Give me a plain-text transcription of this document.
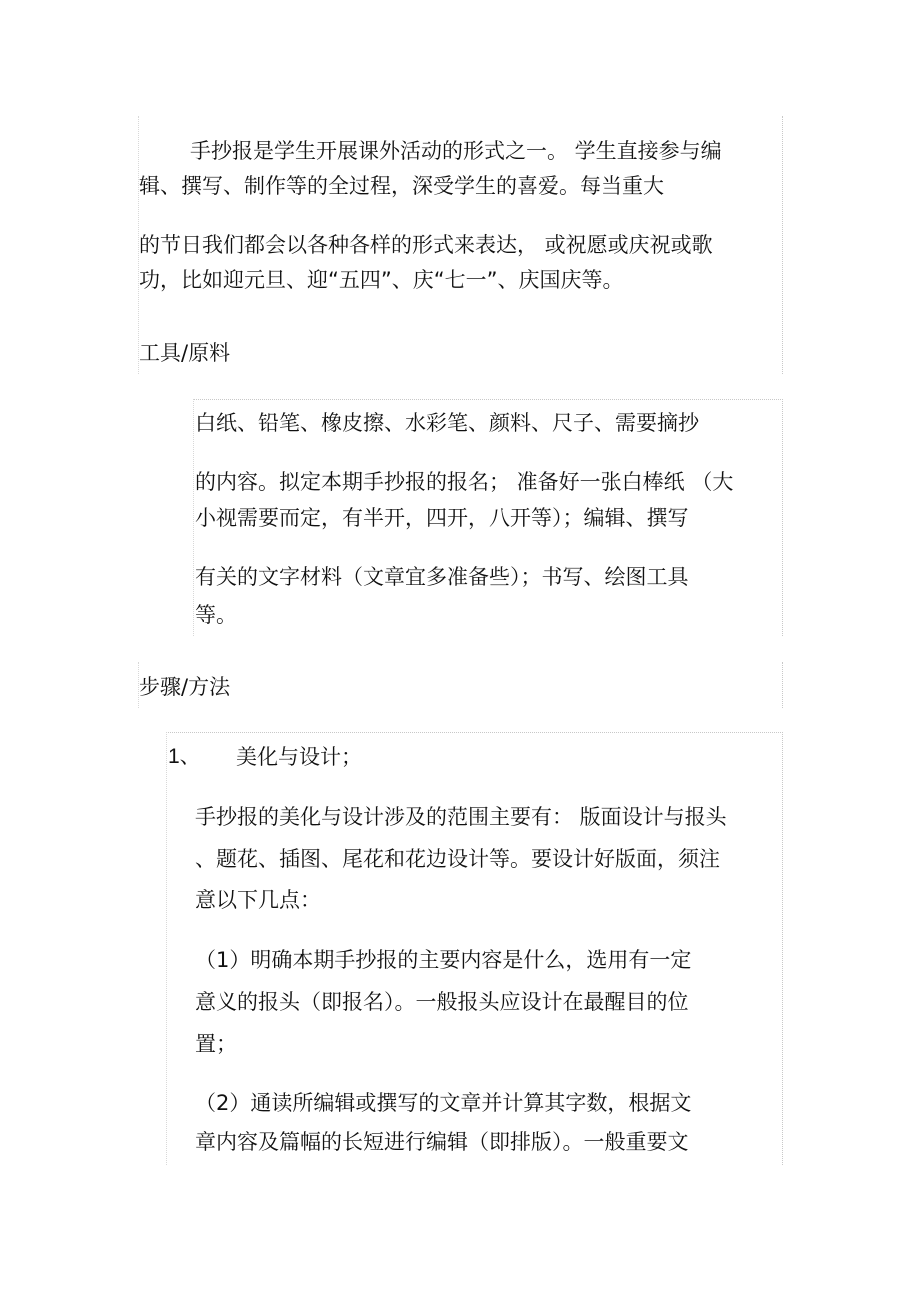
手抄报是学生开展课外活动的形式之一。 学生直接参与编
辑、撰写、制作等的全过程，深受学生的喜爱。每当重大
的节日我们都会以各种各样的形式来表达， 或祝愿或庆祝或歌
功，比如迎元旦、迎“五四”、庆“七一”、庆国庆等。
工具/原料
白纸、铅笔、橡皮擦、水彩笔、颜料、尺子、需要摘抄
的内容。拟定本期手抄报的报名； 准备好一张白棒纸 （大
小视需要而定，有半开，四开，八开等）；编辑、撰写
有关的文字材料（文章宜多准备些）；书写、绘图工具
等。
步骤/方法
1、 美化与设计；
手抄报的美化与设计涉及的范围主要有： 版面设计与报头
、题花、插图、尾花和花边设计等。要设计好版面，须注
意以下几点：
（1）明确本期手抄报的主要内容是什么，选用有一定
意义的报头（即报名）。一般报头应设计在最醒目的位
置；
（2）通读所编辑或撰写的文章并计算其字数，根据文
章内容及篇幅的长短进行编辑（即排版）。一般重要文
